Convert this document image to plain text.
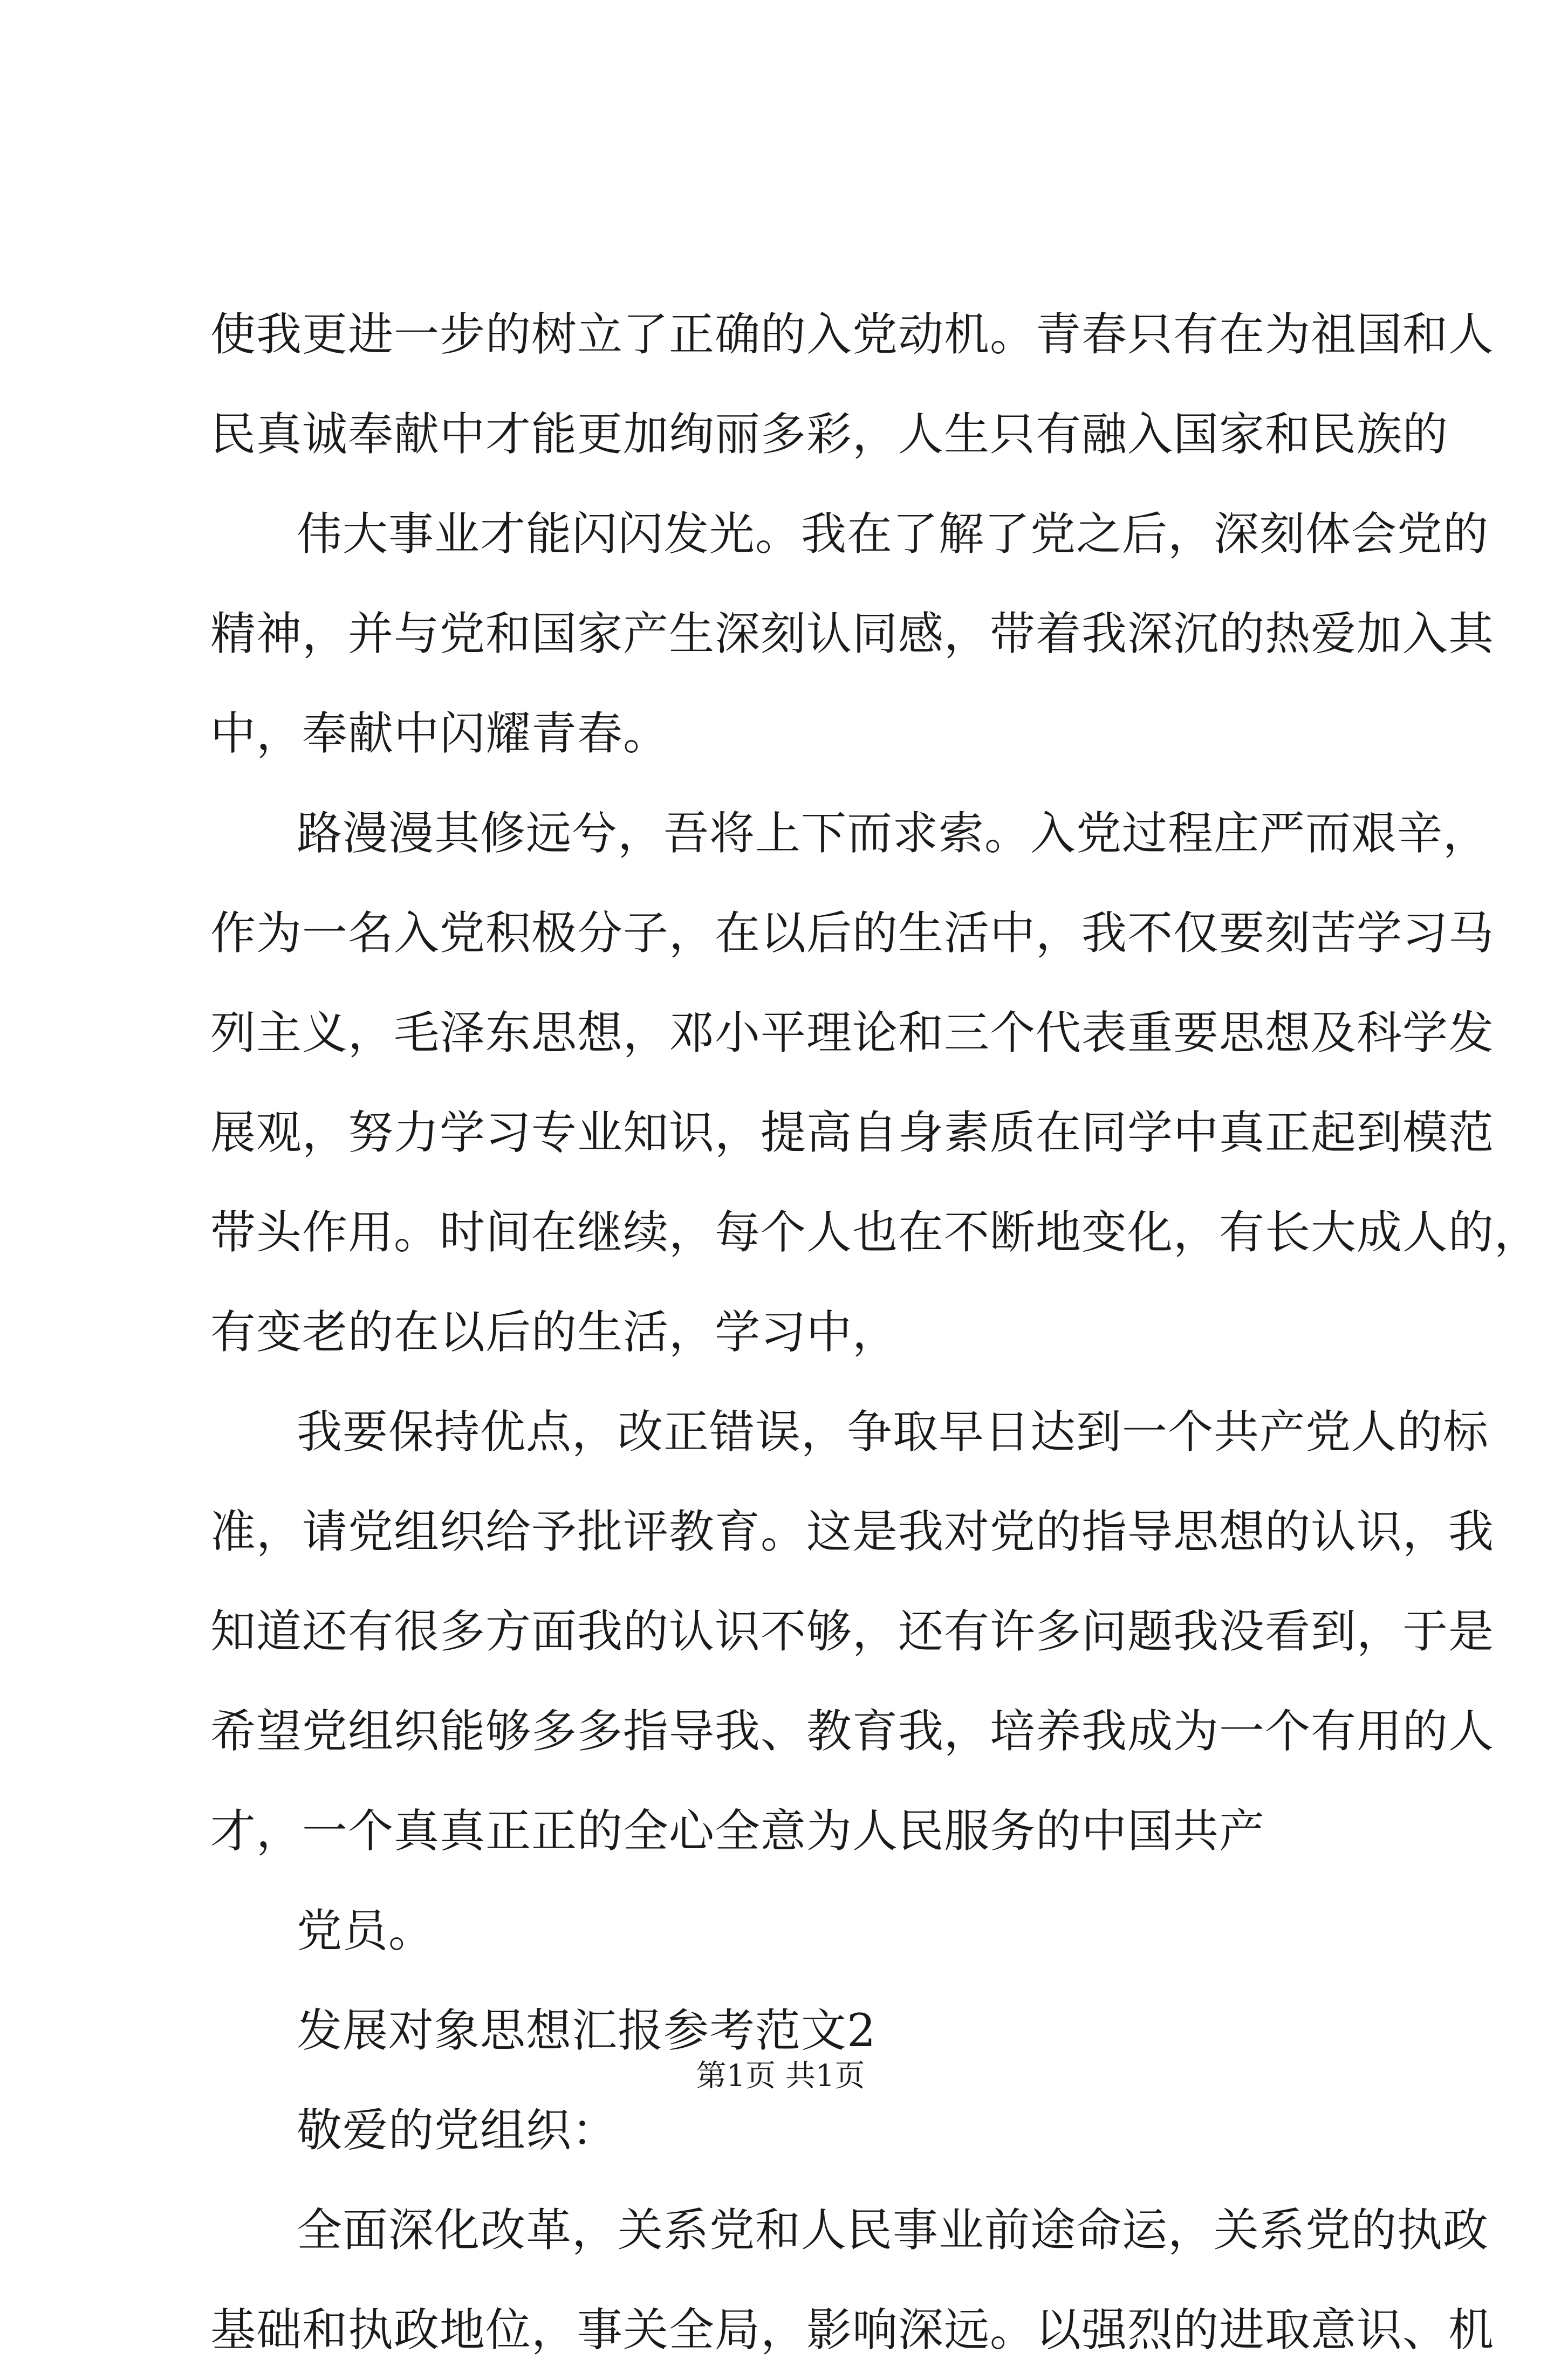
使我更进一步的树立了正确的入党动机。青春只有在为祖国和人
民真诚奉献中才能更加绚丽多彩，人生只有融入国家和民族的
伟大事业才能闪闪发光。我在了解了党之后，深刻体会党的
精神，并与党和国家产生深刻认同感，带着我深沉的热爱加入其
中，奉献中闪耀青春。
路漫漫其修远兮，吾将上下而求索。入党过程庄严而艰辛，
作为一名入党积极分子，在以后的生活中，我不仅要刻苦学习马
列主义，毛泽东思想，邓小平理论和三个代表重要思想及科学发
展观，努力学习专业知识，提高自身素质在同学中真正起到模范
带头作用。时间在继续，每个人也在不断地变化，有长大成人的，
有变老的在以后的生活，学习中，
我要保持优点，改正错误，争取早日达到一个共产党人的标
准，请党组织给予批评教育。这是我对党的指导思想的认识，我
知道还有很多方面我的认识不够，还有许多问题我没看到，于是
希望党组织能够多多指导我、教育我，培养我成为一个有用的人
才，一个真真正正的全心全意为人民服务的中国共产
党员。
发展对象思想汇报参考范文2
敬爱的党组织：
全面深化改革，关系党和人民事业前途命运，关系党的执政
基础和执政地位，事关全局，影响深远。以强烈的进取意识、机
第1页 共1页
